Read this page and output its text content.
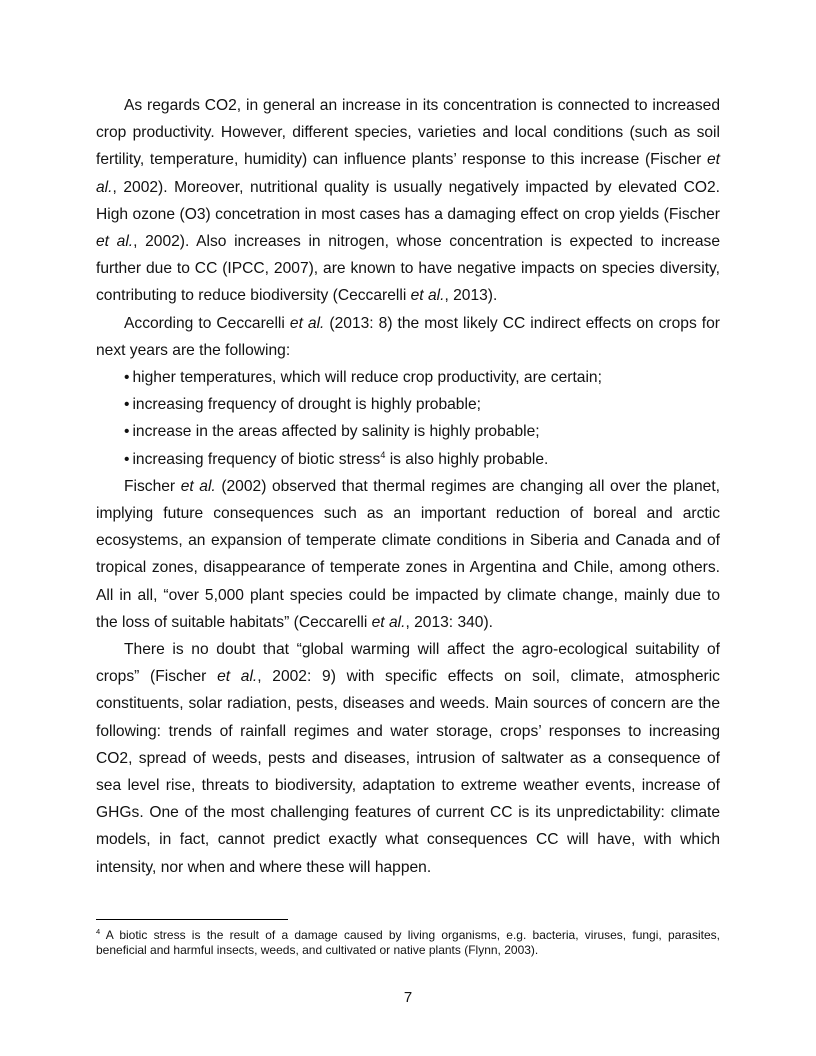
As regards CO2, in general an increase in its concentration is connected to increased crop productivity. However, different species, varieties and local conditions (such as soil fertility, temperature, humidity) can influence plants’ response to this increase (Fischer et al., 2002). Moreover, nutritional quality is usually negatively impacted by elevated CO2. High ozone (O3) concetration in most cases has a damaging effect on crop yields (Fischer et al., 2002). Also increases in nitrogen, whose concentration is expected to increase further due to CC (IPCC, 2007), are known to have negative impacts on species diversity, contributing to reduce biodiversity (Ceccarelli et al., 2013).

According to Ceccarelli et al. (2013: 8) the most likely CC indirect effects on crops for next years are the following:

• higher temperatures, which will reduce crop productivity, are certain;
• increasing frequency of drought is highly probable;
• increase in the areas affected by salinity is highly probable;
• increasing frequency of biotic stress$^4$ is also highly probable.

Fischer et al. (2002) observed that thermal regimes are changing all over the planet, implying future consequences such as an important reduction of boreal and arctic ecosystems, an expansion of temperate climate conditions in Siberia and Canada and of tropical zones, disappearance of temperate zones in Argentina and Chile, among others. All in all, “over 5,000 plant species could be impacted by climate change, mainly due to the loss of suitable habitats” (Ceccarelli et al., 2013: 340).

There is no doubt that “global warming will affect the agro-ecological suitability of crops” (Fischer et al., 2002: 9) with specific effects on soil, climate, atmospheric constituents, solar radiation, pests, diseases and weeds. Main sources of concern are the following: trends of rainfall regimes and water storage, crops’ responses to increasing CO2, spread of weeds, pests and diseases, intrusion of saltwater as a consequence of sea level rise, threats to biodiversity, adaptation to extreme weather events, increase of GHGs. One of the most challenging features of current CC is its unpredictability: climate models, in fact, cannot predict exactly what consequences CC will have, with which intensity, nor when and where these will happen.

$^4$ A biotic stress is the result of a damage caused by living organisms, e.g. bacteria, viruses, fungi, parasites, beneficial and harmful insects, weeds, and cultivated or native plants (Flynn, 2003).
7
